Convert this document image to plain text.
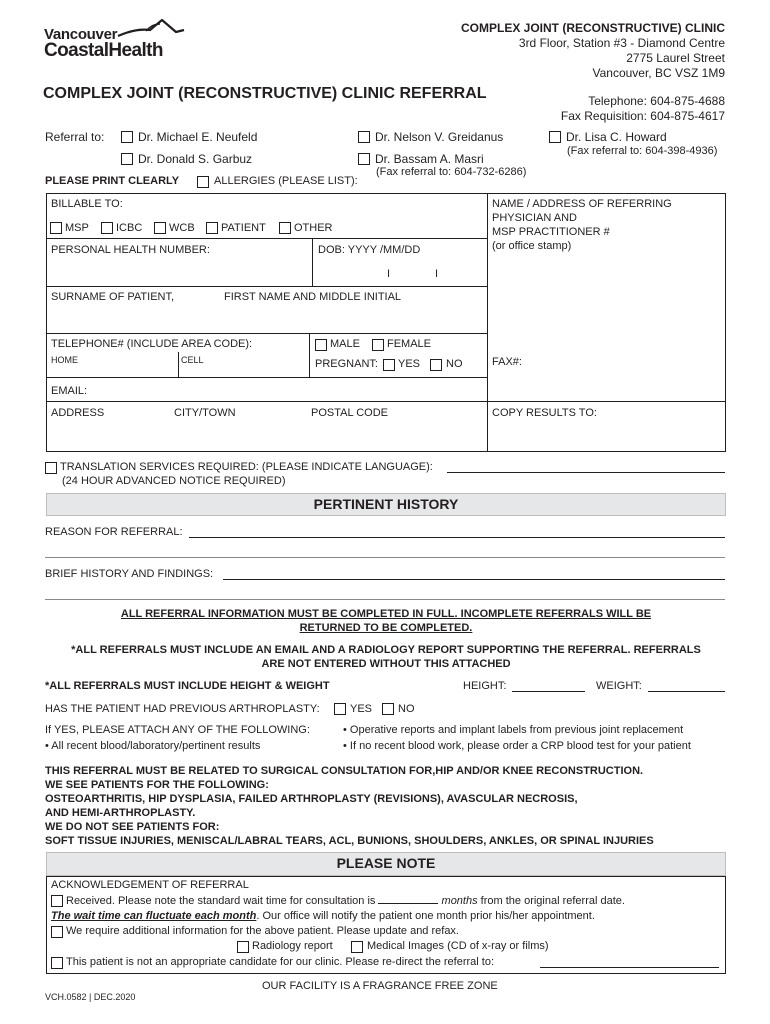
Vancouver
CoastalHealth
COMPLEX JOINT (RECONSTRUCTIVE) CLINIC
3rd Floor, Station #3 - Diamond Centre
2775 Laurel Street
Vancouver, BC VSZ 1M9
COMPLEX JOINT (RECONSTRUCTIVE) CLINIC REFERRAL	Telephone: 604-875-4688
Fax Requisition: 604-875-4617
Referral to:	Dr. Michael E. Neufeld	Dr. Nelson V. Greidanus	Dr. Lisa C. Howard
(Fax referral to: 604-398-4936)
Dr. Donald S. Garbuz	Dr. Bassam A. Masri
(Fax referral to: 604-732-6286)
PLEASE PRINT CLEARLY	ALLERGIES (PLEASE LIST):
BILLABLE TO:
MSP ICBC WCB PATIENT	OTHER
PERSONAL HEALTH NUMBER:	DOB: YYYY /MM/DD
I	I
SURNAME OF PATIENT,	FIRST NAME AND MIDDLE INITIAL
TELEPHONE# (INCLUDE AREA CODE):
HOME	CELL
MALE FEMALE
PREGNANT: YES NO
EMAIL:
ADDRESS	CITY/TOWN	POSTAL CODE
NAME / ADDRESS OF REFERRING
PHYSICIAN AND
MSP PRACTITIONER #
(or office stamp)
FAX#:
COPY RESULTS TO:
TRANSLATION SERVICES REQUIRED: (PLEASE INDICATE LANGUAGE):
(24 HOUR ADVANCED NOTICE REQUIRED)
PERTINENT HISTORY
REASON FOR REFERRAL:
BRIEF HISTORY AND FINDINGS:
ALL REFERRAL INFORMATION MUST BE COMPLETED IN FULL. INCOMPLETE REFERRALS WILL BE
RETURNED TO BE COMPLETED.
*ALL REFERRALS MUST INCLUDE AN EMAIL AND A RADIOLOGY REPORT SUPPORTING THE REFERRAL. REFERRALS
ARE NOT ENTERED WITHOUT THIS ATTACHED
*ALL REFERRALS MUST INCLUDE HEIGHT & WEIGHT	HEIGHT:	WEIGHT:
HAS THE PATIENT HAD PREVIOUS ARTHROPLASTY:	YES NO
If YES, PLEASE ATTACH ANY OF THE FOLLOWING:
• All recent blood/laboratory/pertinent results
• Operative reports and implant labels from previous joint replacement
• If no recent blood work, please order a CRP blood test for your patient
THIS REFERRAL MUST BE RELATED TO SURGICAL CONSULTATION FOR,HIP AND/OR KNEE RECONSTRUCTION.
WE SEE PATIENTS FOR THE FOLLOWING:
OSTEOARTHRITIS, HIP DYSPLASIA, FAILED ARTHROPLASTY (REVISIONS), AVASCULAR NECROSIS,
AND HEMI-ARTHROPLASTY.
WE DO NOT SEE PATIENTS FOR:
SOFT TISSUE INJURIES, MENISCAL/LABRAL TEARS, ACL, BUNIONS, SHOULDERS, ANKLES, OR SPINAL INJURIES
PLEASE NOTE
ACKNOWLEDGEMENT OF REFERRAL
Received. Please note the standard wait time for consultation is	months from the original referral date.
The wait time can fluctuate each month. Our office will notify the patient one month prior his/her appointment.
We require additional information for the above patient. Please update and refax.
Radiology report	Medical Images (CD of x-ray or films)
This patient is not an appropriate candidate for our clinic. Please re-direct the referral to:
VCH.0582 | DEC.2020
OUR FACILITY IS A FRAGRANCE FREE ZONE
